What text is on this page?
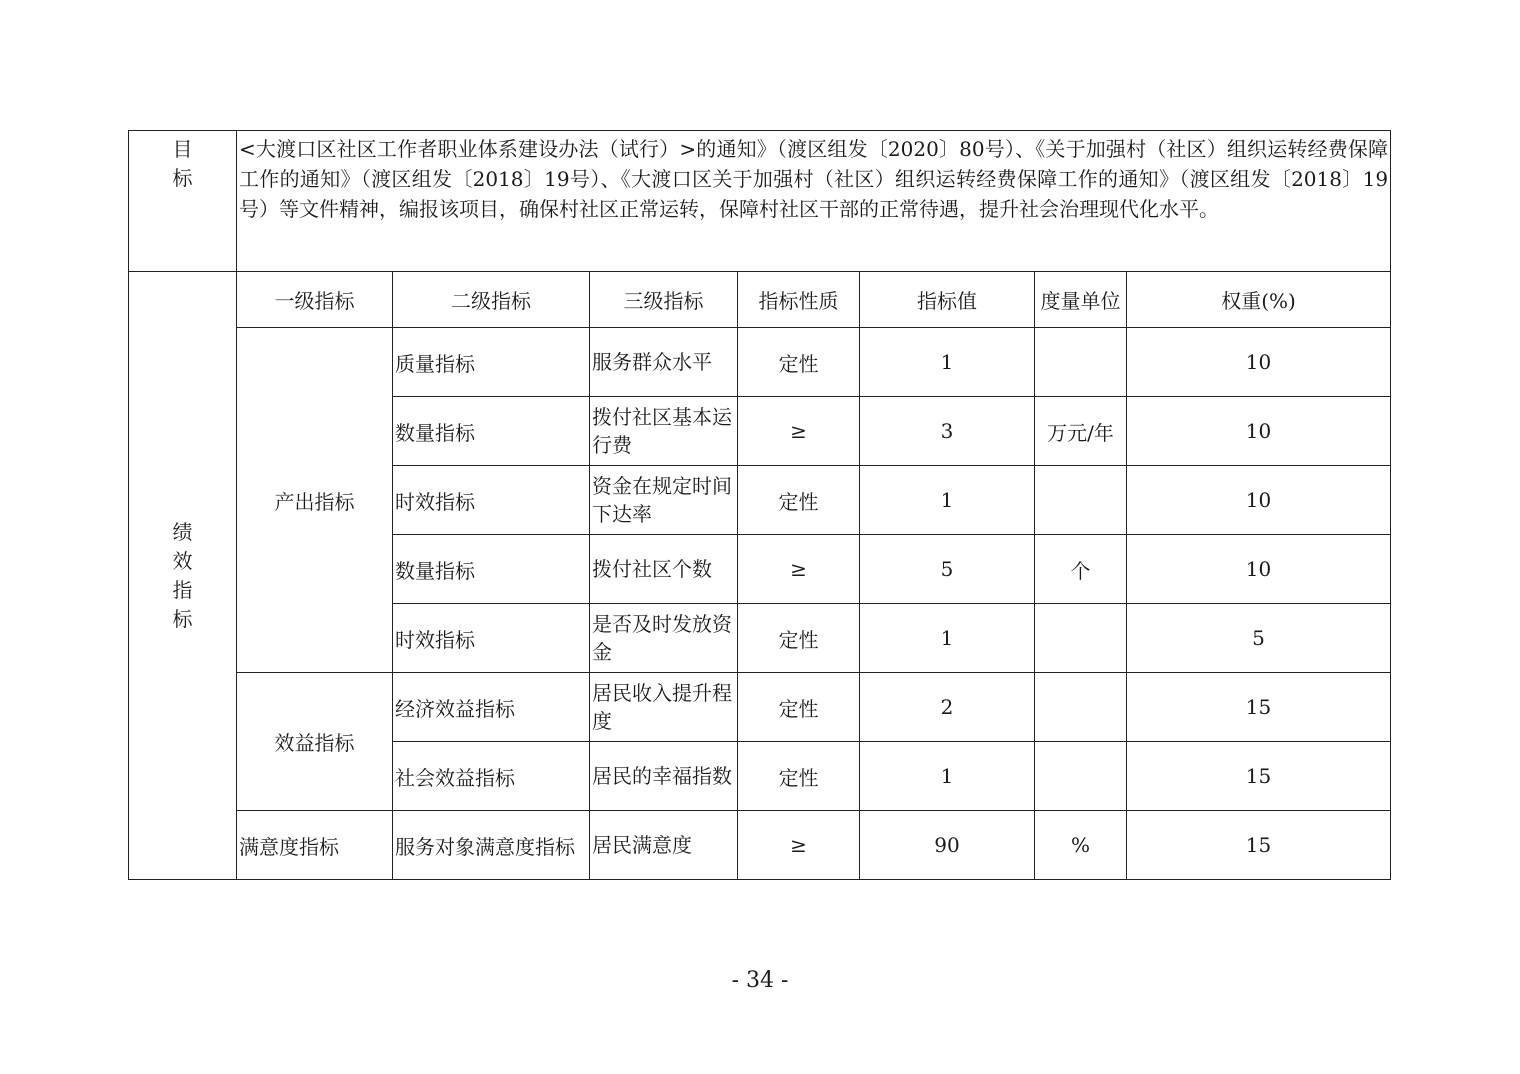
目
标	<大渡口区社区工作者职业体系建设办法（试行）>的通知》（渡区组发〔2020〕80号）、《关于加强村（社区）组织运转经费保障工作的通知》（渡区组发〔2018〕19号）、《大渡口区关于加强村（社区）组织运转经费保障工作的通知》（渡区组发〔2018〕19号）等文件精神，编报该项目，确保村社区正常运转，保障村社区干部的正常待遇，提升社会治理现代化水平。						

绩
效
指
标	一级指标	二级指标	三级指标	指标性质	指标值	度量单位	权重(%)
	产出指标	质量指标	服务群众水平	定性	1		10
		数量指标	拨付社区基本运行费	≥	3	万元/年	10
		时效指标	资金在规定时间下达率	定性	1		10
		数量指标	拨付社区个数	≥	5	个	10
		时效指标	是否及时发放资金	定性	1		5
	效益指标	经济效益指标	居民收入提升程度	定性	2		15
		社会效益指标	居民的幸福指数	定性	1		15
	满意度指标	服务对象满意度指标	居民满意度	≥	90	%	15
- 34 -
